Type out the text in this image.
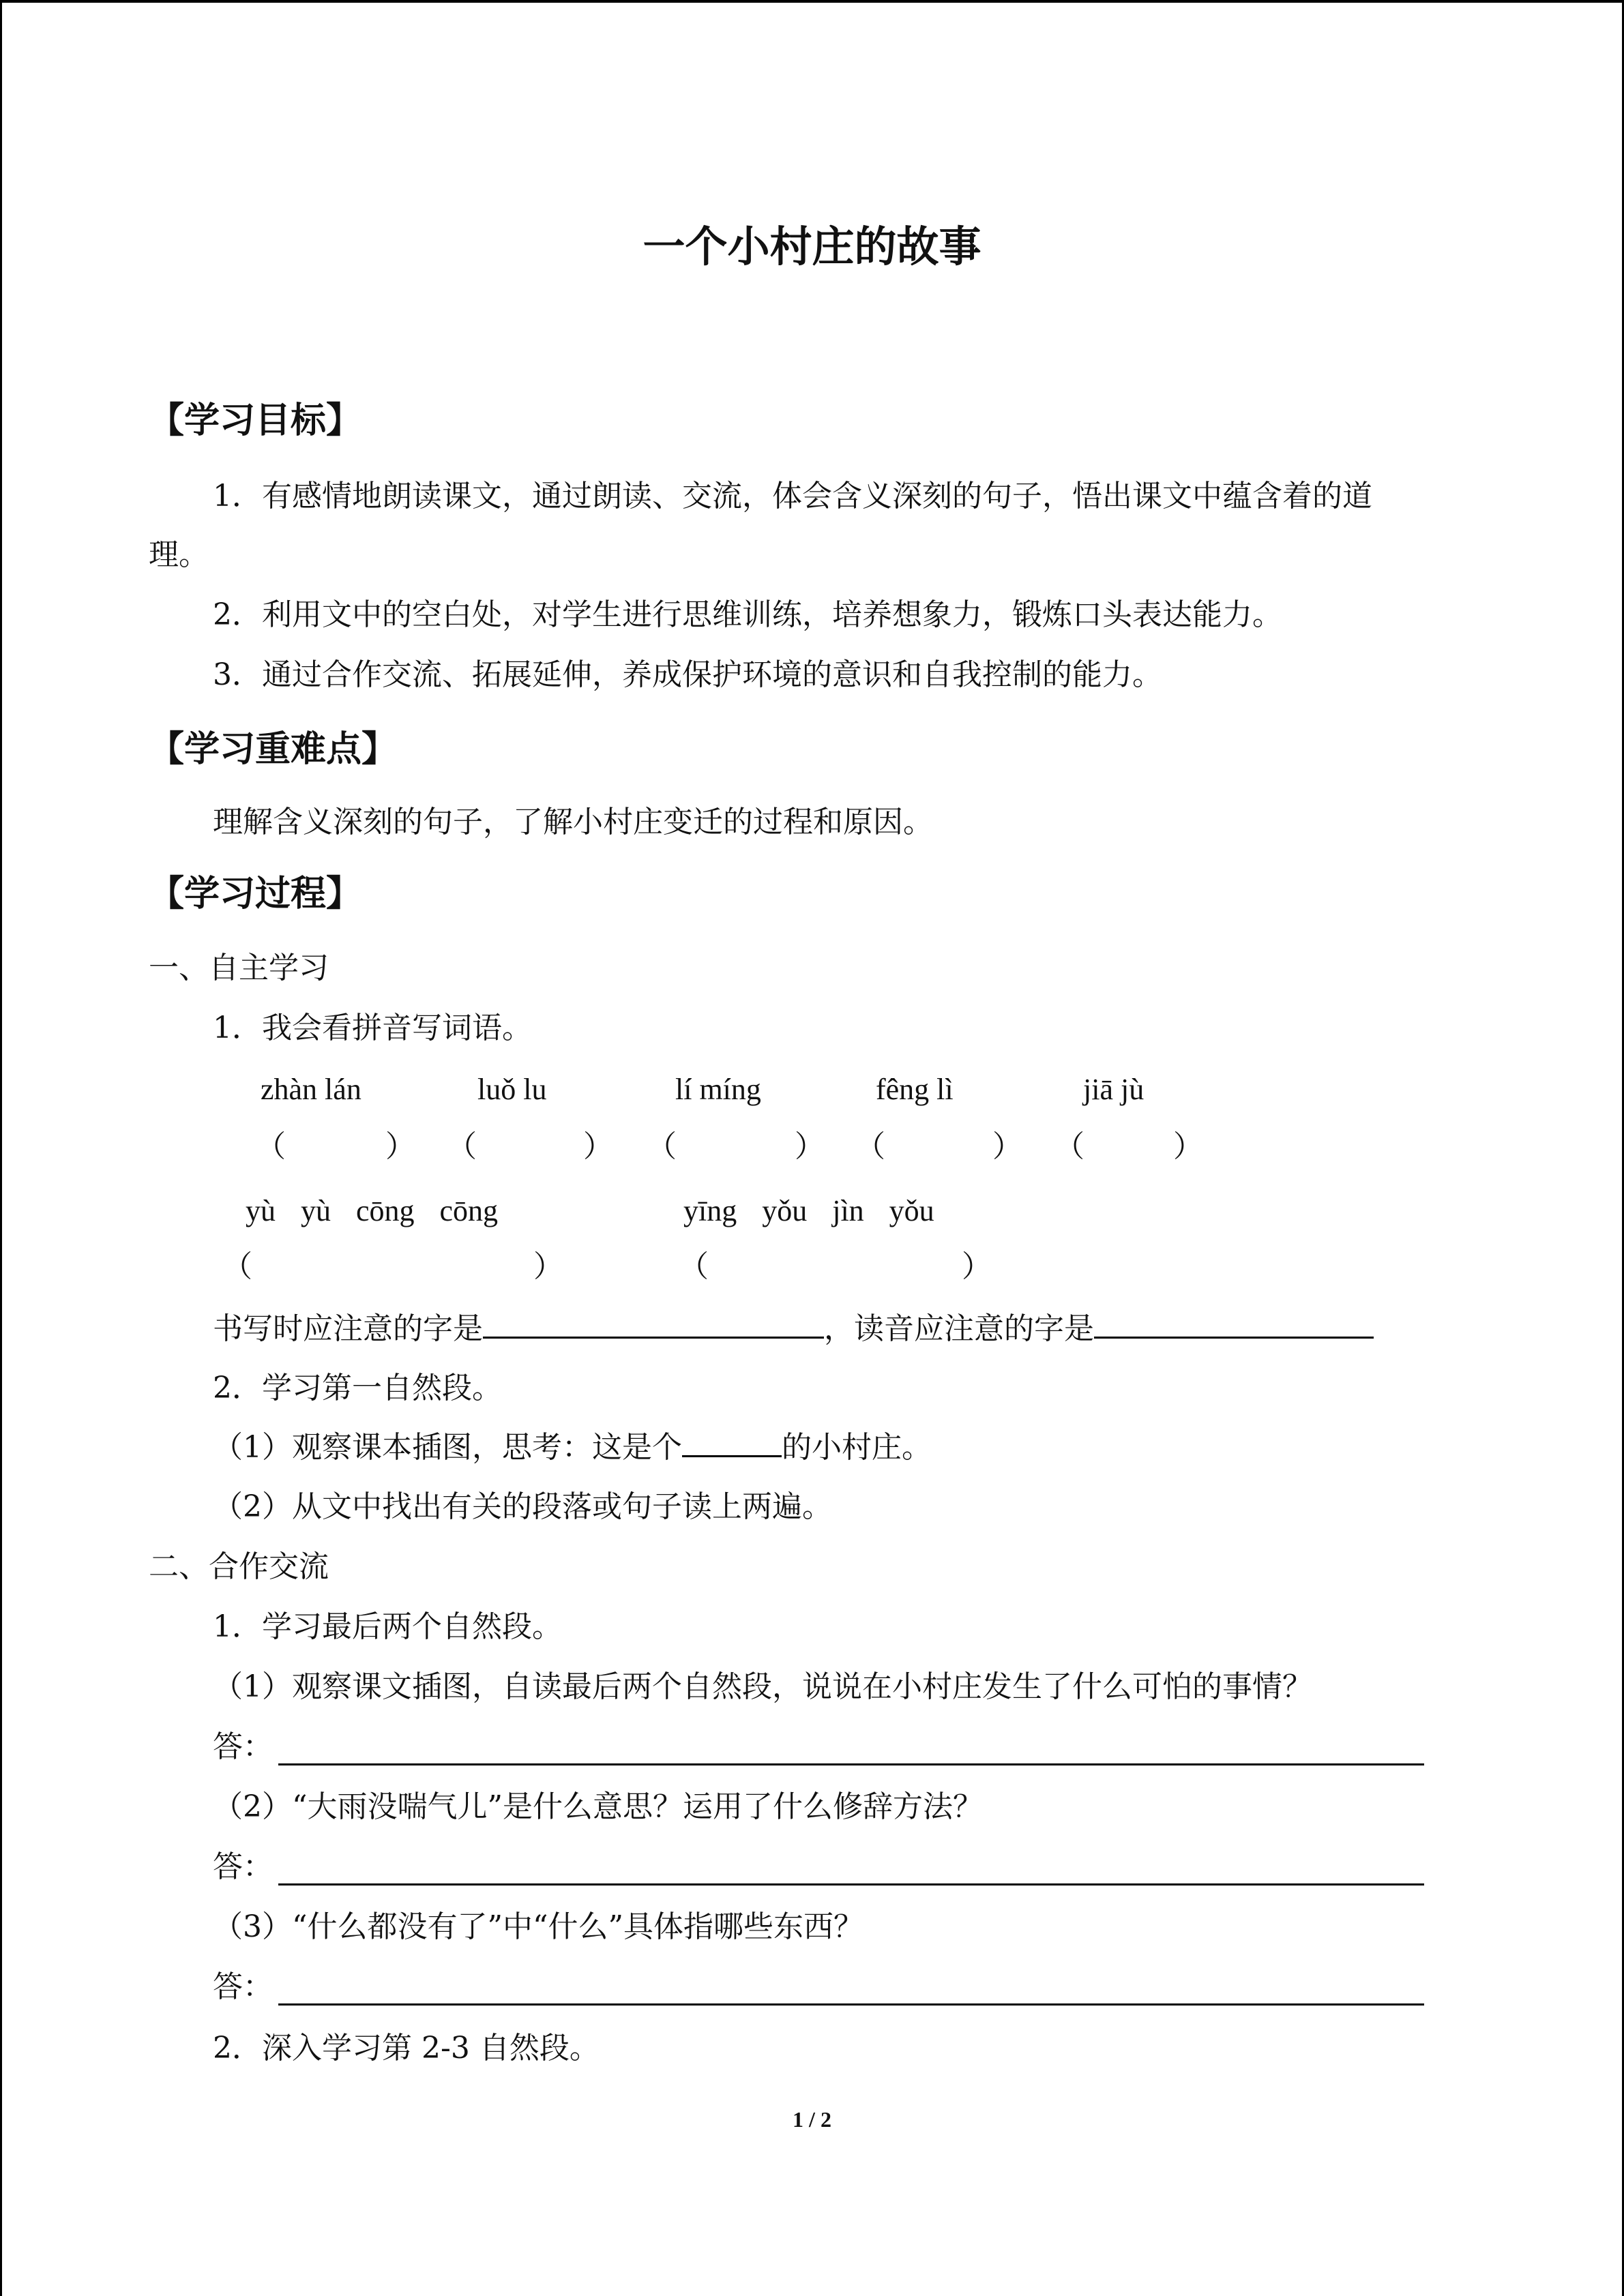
一个小村庄的故事
【学习目标】
1．有感情地朗读课文，通过朗读、交流，体会含义深刻的句子，悟出课文中蕴含着的道
理。
2．利用文中的空白处，对学生进行思维训练，培养想象力，锻炼口头表达能力。
3．通过合作交流、拓展延伸，养成保护环境的意识和自我控制的能力。
【学习重难点】
理解含义深刻的句子，了解小村庄变迁的过程和原因。
【学习过程】
一、自主学习
1．我会看拼音写词语。
zhàn lán	luǒ lu	lí míng	fêng lì	jiā jù
（	） （	） （	） （	） （	）
yù yù cōng cōng	yīng yǒu jìn yǒu
（	）	（	）
书写时应注意的字是	，读音应注意的字是
2．学习第一自然段。
（1）观察课本插图，思考：这是个	的小村庄。
（2）从文中找出有关的段落或句子读上两遍。
二、合作交流
1．学习最后两个自然段。
（1）观察课文插图，自读最后两个自然段，说说在小村庄发生了什么可怕的事情？
答：
（2）“大雨没喘气儿”是什么意思？运用了什么修辞方法？
答：
（3）“什么都没有了”中“什么”具体指哪些东西？
答：
2．深入学习第 2-3 自然段。
1 / 2
